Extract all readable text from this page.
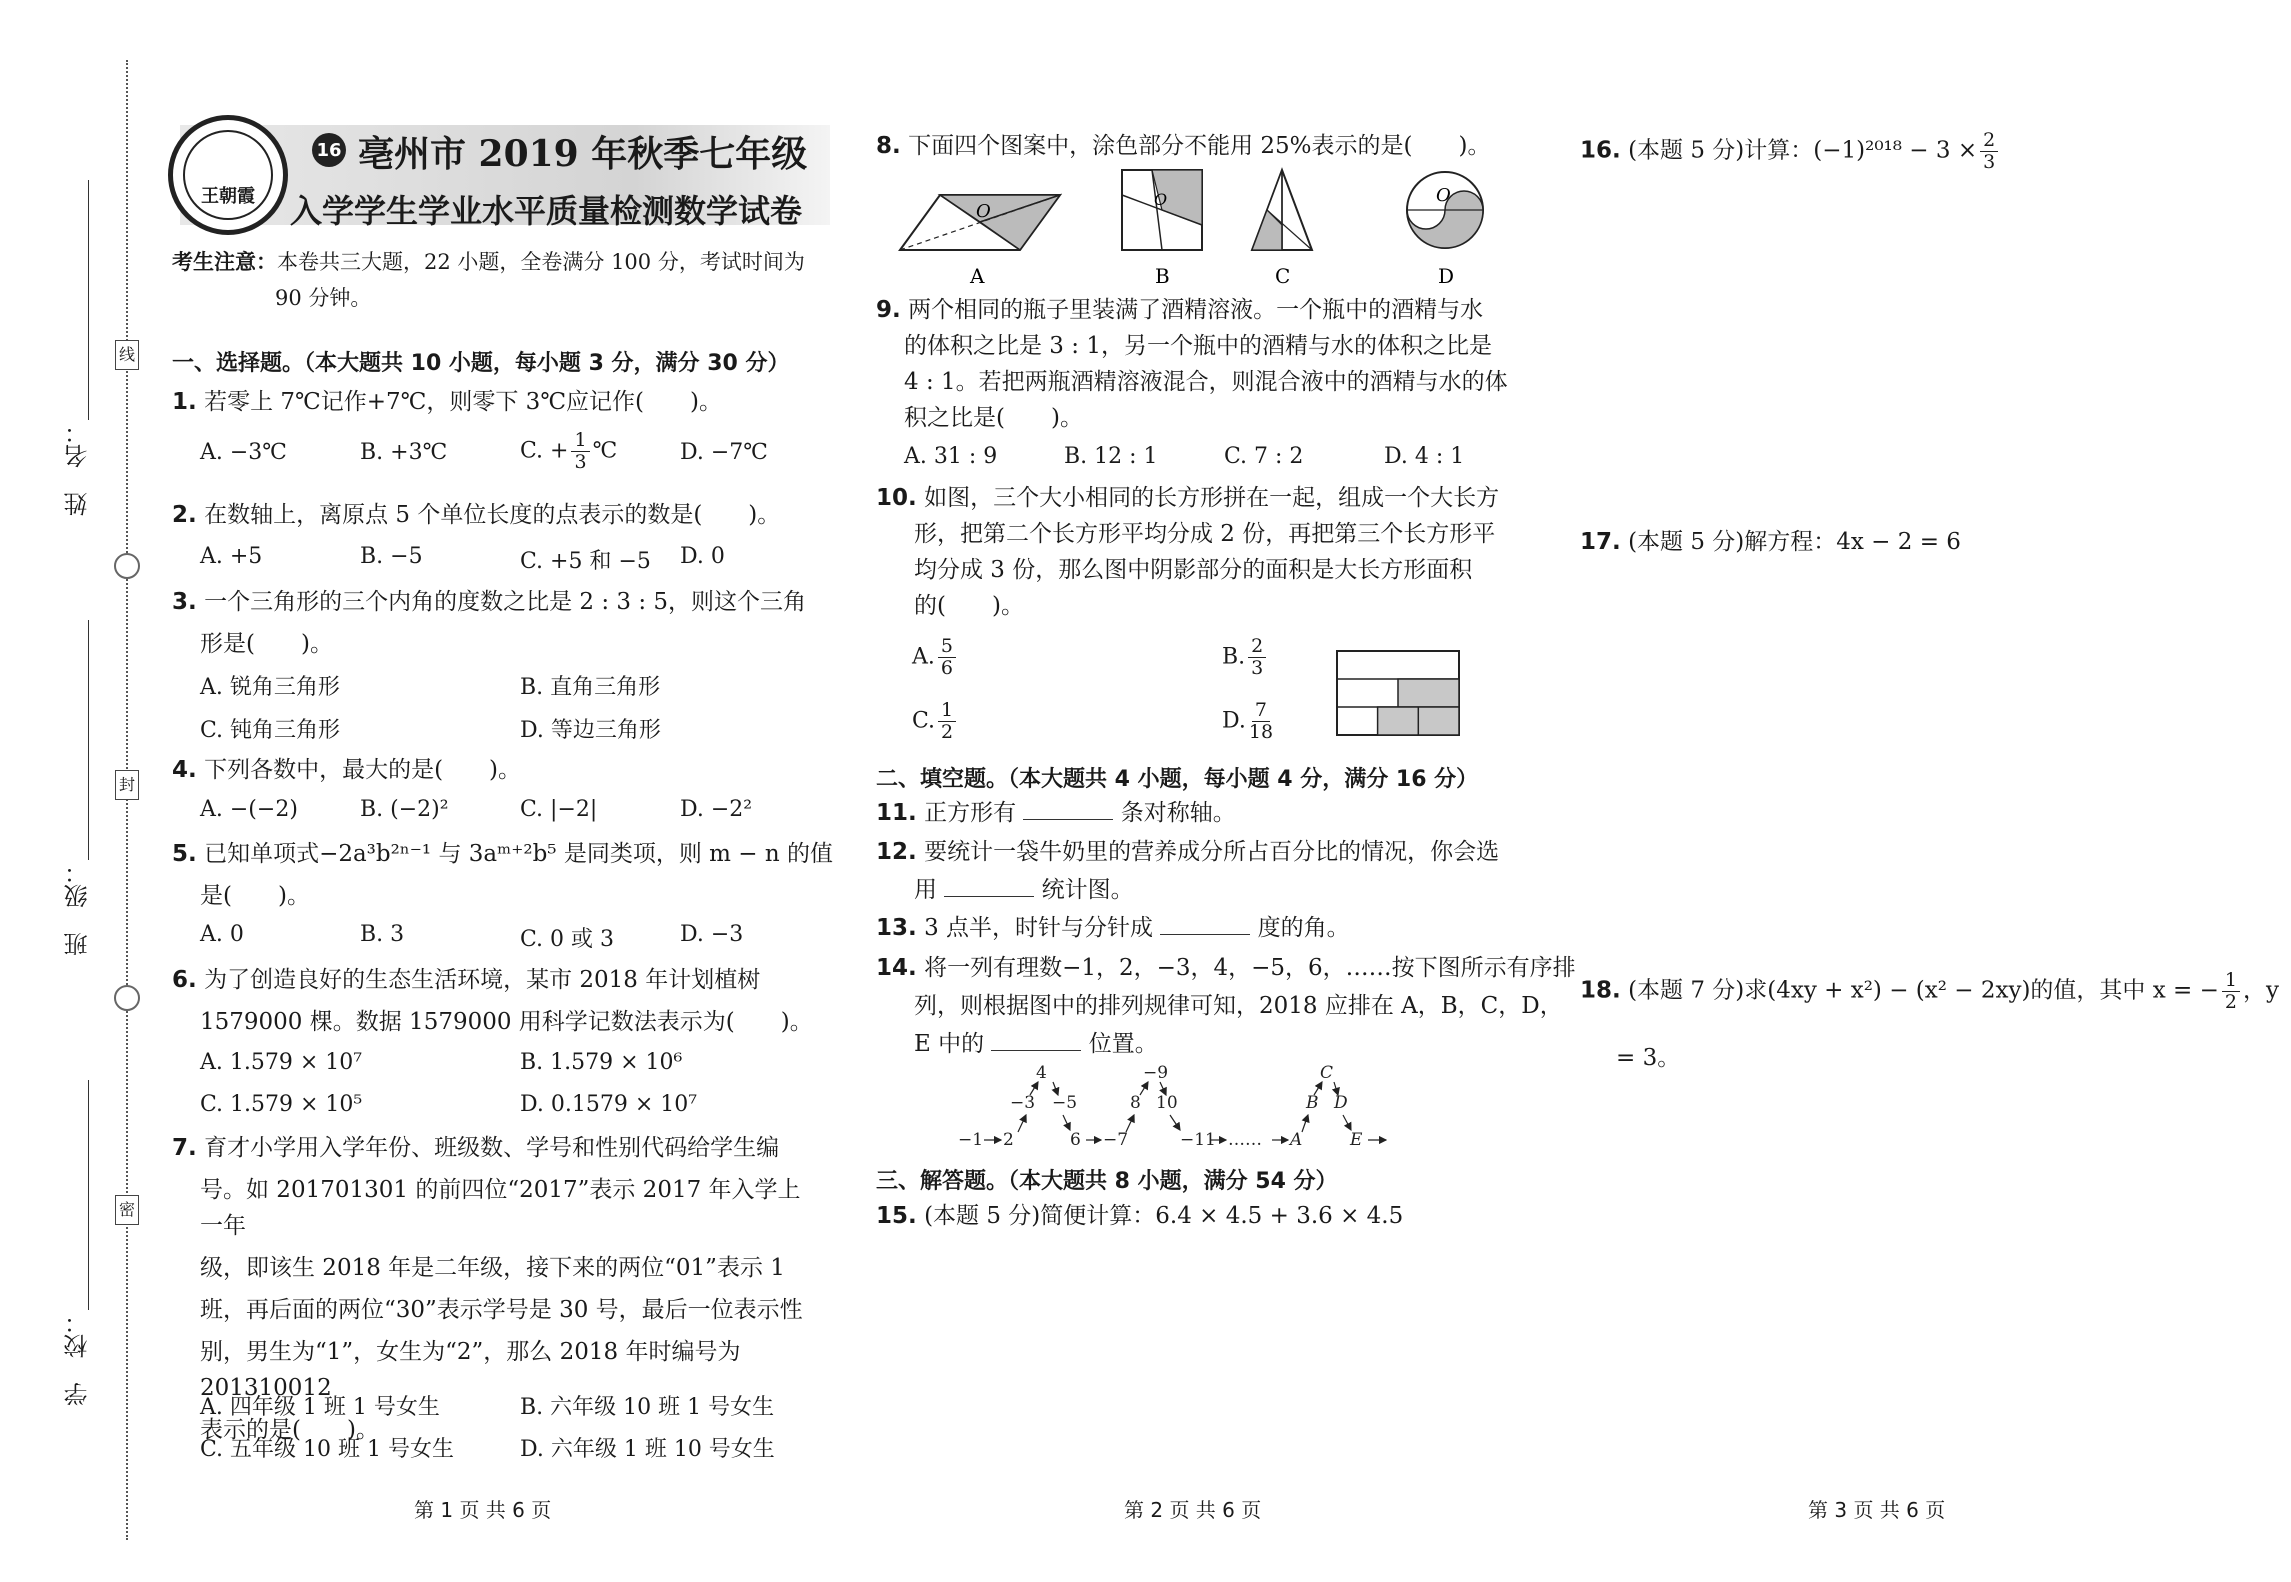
姓　名：
班　级：
学　校：
线
封
密
王朝霞
16 亳州市 2019 年秋季七年级
入学学生学业水平质量检测数学试卷
考生注意：本卷共三大题，22 小题，全卷满分 100 分，考试时间为
90 分钟。
一、选择题。（本大题共 10 小题，每小题 3 分，满分 30 分）
1. 若零上 7℃记作+7℃，则零下 3℃应记作(　　)。
A. −3℃	B. +3℃	C. + $\frac{1}{3}$ ℃	D. −7℃
2. 在数轴上，离原点 5 个单位长度的点表示的数是(　　)。
A. +5	B. −5	C. +5 和 −5 D. 0
3. 一个三角形的三个内角的度数之比是 2 : 3 : 5，则这个三角
形是(　　)。
A. 锐角三角形	B. 直角三角形
C. 钝角三角形	D. 等边三角形
4. 下列各数中，最大的是(　　)。
A. −(−2)	B. (−2)²	C. |−2|	D. −2²
5. 已知单项式−2a³b²ⁿ⁻¹ 与 3aᵐ⁺²b⁵ 是同类项，则 m − n 的值
是(　　)。
A. 0	B. 3	C. 0 或 3	D. −3
6. 为了创造良好的生态生活环境，某市 2018 年计划植树
1579000 棵。数据 1579000 用科学记数法表示为(　　)。
A. 1.579 × 10⁷	B. 1.579 × 10⁶
C. 1.579 × 10⁵	D. 0.1579 × 10⁷
7. 育才小学用入学年份、班级数、学号和性别代码给学生编
号。如 201701301 的前四位“2017”表示 2017 年入学上一年
级，即该生 2018 年是二年级，接下来的两位“01”表示 1
班，再后面的两位“30”表示学号是 30 号，最后一位表示性
别，男生为“1”，女生为“2”，那么 2018 年时编号为 201310012
表示的是(　　)。
A. 四年级 1 班 1 号女生	B. 六年级 10 班 1 号女生
C. 五年级 10 班 1 号女生	D. 六年级 1 班 10 号女生
第 1 页 共 6 页
8. 下面四个图案中，涂色部分不能用 25%表示的是(　　)。
O
O	O
A	B	C	D
9. 两个相同的瓶子里装满了酒精溶液。一个瓶中的酒精与水
的体积之比是 3 : 1，另一个瓶中的酒精与水的体积之比是
4 : 1。若把两瓶酒精溶液混合，则混合液中的酒精与水的体
积之比是(　　)。
A. 31 : 9	B. 12 : 1	C. 7 : 2	D. 4 : 1
10. 如图，三个大小相同的长方形拼在一起，组成一个大长方
形，把第二个长方形平均分成 2 份，再把第三个长方形平
均分成 3 份，那么图中阴影部分的面积是大长方形面积
的(　　)。
A. $\frac{5}{6}$	B. $\frac{2}{3}$
C. $\frac{1}{2}$	D. $\frac{7}{18}$
二、填空题。（本大题共 4 小题，每小题 4 分，满分 16 分）
11. 正方形有	条对称轴。
12. 要统计一袋牛奶里的营养成分所占百分比的情况，你会选
用	统计图。
13. 3 点半，时针与分针成	度的角。
14. 将一列有理数−1，2，−3，4，−5，6，……按下图所示有序排
列，则根据图中的排列规律可知，2018 应排在 A，B，C，D，
E 中的	位置。
−1 2
−3
4
−5
6 −7
8
−9
10
−11 …… A
B
C
D
E
三、解答题。（本大题共 8 小题，满分 54 分）
15. (本题 5 分)简便计算：6.4 × 4.5 + 3.6 × 4.5
第 2 页 共 6 页
16. (本题 5 分)计算：$(-1)^{2018} - 3 \times \frac{2}{3}$
17. (本题 5 分)解方程：4x − 2 = 6
18. (本题 7 分)求(4xy + x²) − (x² − 2xy)的值，其中 x = − $\frac{1}{2}$ ，y
= 3。
第 3 页 共 6 页
